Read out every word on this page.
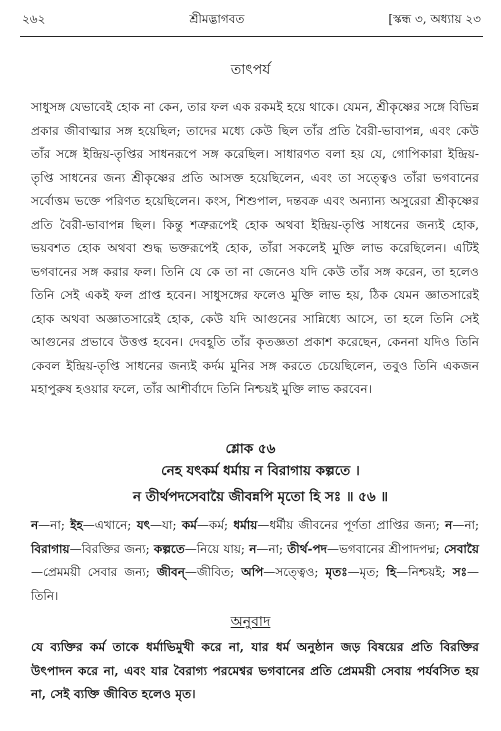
২৬২	শ্রীমদ্ভাগবত	[স্কন্ধ ৩, অধ্যায় ২৩
তাৎপর্য
সাধুসঙ্গ যেভাবেই হোক না কেন, তার ফল এক রকমই হয়ে থাকে। যেমন, শ্রীকৃষ্ণের সঙ্গে বিভিন্ন প্রকার জীবাত্মার সঙ্গ হয়েছিল; তাদের মধ্যে কেউ ছিল তাঁর প্রতি বৈরী-ভাবাপন্ন, এবং কেউ তাঁর সঙ্গে ইন্দ্রিয়-তৃপ্তির সাধনরূপে সঙ্গ করেছিল। সাধারণত বলা হয় যে, গোপিকারা ইন্দ্রিয়-তৃপ্তি সাধনের জন্য শ্রীকৃষ্ণের প্রতি আসক্ত হয়েছিলেন, এবং তা সত্ত্বেও তাঁরা ভগবানের সর্বোত্তম ভক্তে পরিণত হয়েছিলেন। কংস, শিশুপাল, দন্তবক্র এবং অন্যান্য অসুরেরা শ্রীকৃষ্ণের প্রতি বৈরী-ভাবাপন্ন ছিল। কিন্তু শত্রুরূপেই হোক অথবা ইন্দ্রিয়-তৃপ্তি সাধনের জন্যই হোক, ভয়বশত হোক অথবা শুদ্ধ ভক্তরূপেই হোক, তাঁরা সকলেই মুক্তি লাভ করেছিলেন। এটিই ভগবানের সঙ্গ করার ফল। তিনি যে কে তা না জেনেও যদি কেউ তাঁর সঙ্গ করেন, তা হলেও তিনি সেই একই ফল প্রাপ্ত হবেন। সাধুসঙ্গের ফলেও মুক্তি লাভ হয়, ঠিক যেমন জ্ঞাতসারেই হোক অথবা অজ্ঞাতসারেই হোক, কেউ যদি আগুনের সান্নিধ্যে আসে, তা হলে তিনি সেই আগুনের প্রভাবে উত্তপ্ত হবেন। দেবহূতি তাঁর কৃতজ্ঞতা প্রকাশ করেছেন, কেননা যদিও তিনি কেবল ইন্দ্রিয়-তৃপ্তি সাধনের জন্যই কর্দম মুনির সঙ্গ করতে চেয়েছিলেন, তবুও তিনি একজন মহাপুরুষ হওয়ার ফলে, তাঁর আশীর্বাদে তিনি নিশ্চয়ই মুক্তি লাভ করবেন।
শ্লোক ৫৬
নেহ যৎকর্ম ধর্মায় ন বিরাগায় কল্পতে ।
ন তীর্থপদসেবায়ৈ জীবন্নপি মৃতো হি সঃ ॥ ৫৬ ॥
ন—না; ইহ—এখানে; যৎ—যা; কর্ম—কর্ম; ধর্মায়—ধর্মীয় জীবনের পূর্ণতা প্রাপ্তির জন্য; ন—না; বিরাগায়—বিরক্তির জন্য; কল্পতে—নিয়ে যায়; ন—না; তীর্থ-পদ—ভগবানের শ্রীপাদপদ্ম; সেবায়ৈ—প্রেমময়ী সেবার জন্য; জীবন্—জীবিত; অপি—সত্ত্বেও; মৃতঃ—মৃত; হি—নিশ্চয়ই; সঃ—তিনি।
অনুবাদ
যে ব্যক্তির কর্ম তাকে ধর্মাভিমুখী করে না, যার ধর্ম অনুষ্ঠান জড় বিষয়ের প্রতি বিরক্তির উৎপাদন করে না, এবং যার বৈরাগ্য পরমেশ্বর ভগবানের প্রতি প্রেমময়ী সেবায় পর্যবসিত হয় না, সেই ব্যক্তি জীবিত হলেও মৃত।
